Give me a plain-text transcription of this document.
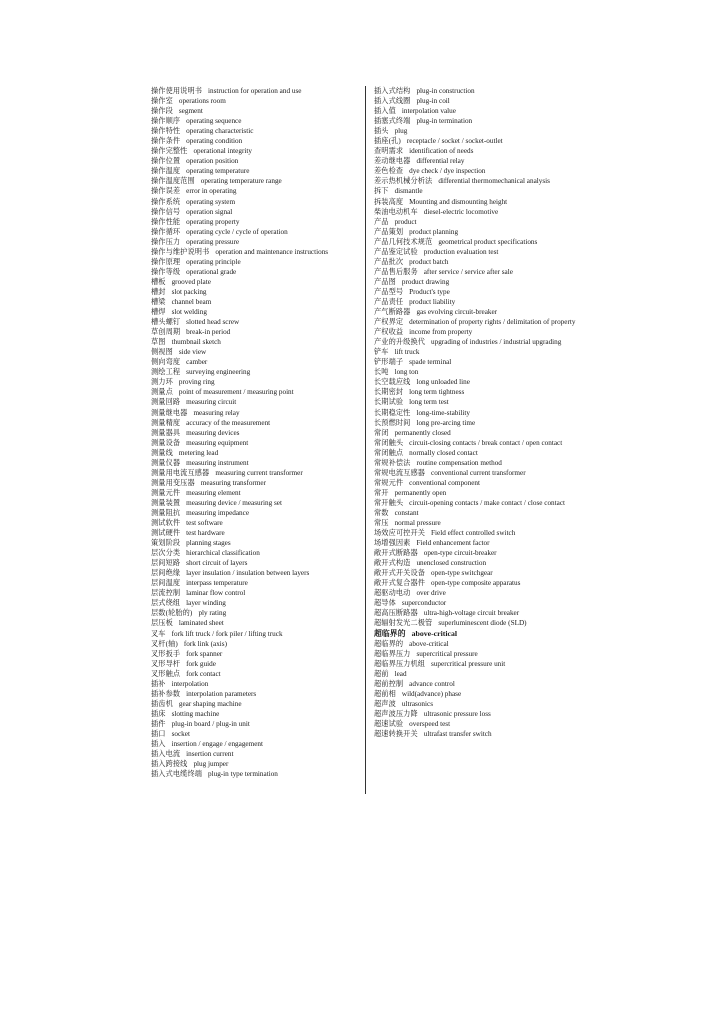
操作使用说明书 instruction for operation and use
操作室 operations room
操作段 segment
操作顺序 operating sequence
操作特性 operating characteristic
操作条件 operating condition
操作完整性 operational integrity
操作位置 operation position
操作温度 operating temperature
操作温度范围 operating temperature range
操作误差 error in operating
操作系统 operating system
操作信号 operation signal
操作性能 operating property
操作循环 operating cycle / cycle of operation
操作压力 operating pressure
操作与维护说明书 operation and maintenance instructions
操作原理 operating principle
操作等级 operational grade
槽板 grooved plate
槽封 slot packing
槽梁 channel beam
槽焊 slot welding
槽头螺钉 slotted head screw
草创周期 break-in period
草图 thumbnail sketch
侧视图 side view
侧向弯度 camber
测绘工程 surveying engineering
测力环 proving ring
测量点 point of measurement / measuring point
测量回路 measuring circuit
测量继电器 measuring relay
测量精度 accuracy of the measurement
测量器具 measuring devices
测量设备 measuring equipment
测量线 metering lead
测量仪器 measuring instrument
测量用电流互感器 measuring current transformer
测量用变压器 measuring transformer
测量元件 measuring element
测量装置 measuring device / measuring set
测量阻抗 measuring impedance
测试软件 test software
测试硬件 test hardware
策划阶段 planning stages
层次分类 hierarchical classification
层间短路 short circuit of layers
层间绝缘 layer insulation / insulation between layers
层间温度 interpass temperature
层流控制 laminar flow control
层式绕组 layer winding
层数(轮胎的) ply rating
层压板 laminated sheet
叉车 fork lift truck / fork piler / lifting truck
叉杆(轴) fork link (axis)
叉形扳手 fork spanner
叉形导杆 fork guide
叉形触点 fork contact
插补 interpolation
插补参数 interpolation parameters
插齿机 gear shaping machine
插床 slotting machine
插件 plug-in board / plug-in unit
插口 socket
插入 insertion / engage / engagement
插入电流 insertion current
插入跨接线 plug jumper
插入式电缆终端 plug-in type termination
插入式结构 plug-in construction
插入式线圈 plug-in coil
插入值 interpolation value
插塞式终端 plug-in termination
插头 plug
插座(孔) receptacle / socket / socket-outlet
查明需求 identification of needs
差动继电器 differential relay
差色检查 dye check / dye inspection
差示热机械分析法 differential thermomechanical analysis
拆下 dismantle
拆装高度 Mounting and dismounting height
柴油电动机车 diesel-electric locomotive
产品 product
产品策划 product planning
产品几何技术规范 geometrical product specifications
产品鉴定试验 production evaluation test
产品批次 product batch
产品售后服务 after service / service after sale
产品图 product drawing
产品型号 Product's type
产品责任 product liability
产气断路器 gas evolving circuit-breaker
产权界定 determination of property rights / delimitation of property
产权收益 income from property
产业的升级换代 upgrading of industries / industrial upgrading
铲车 lift truck
铲形端子 spade terminal
长吨 long ton
长空载应线 long unloaded line
长期密封 long term tightness
长期试验 long term test
长期稳定性 long-time-stability
长预燃时间 long pre-arcing time
常闭 permanently closed
常闭触头 circuit-closing contacts / break contact / open contact
常闭触点 normally closed contact
常规补偿法 routine compensation method
常规电流互感器 conventional current transformer
常规元件 conventional component
常开 permanently open
常开触头 circuit-opening contacts / make contact / close contact
常数 constant
常压 normal pressure
场效应可控开关 Field effect controlled switch
场增强因素 Field enhancement factor
敞开式断路器 open-type circuit-breaker
敞开式构造 unenclosed construction
敞开式开关设备 open-type switchgear
敞开式复合器件 open-type composite apparatus
超驱动电动 over drive
超导体 superconductor
超高压断路器 ultra-high-voltage circuit breaker
超辐射发光二极管 superluminescent diode (SLD)
超临界的 above-critical
超临界的 above-critical
超临界压力 supercritical pressure
超临界压力机组 supercritical pressure unit
超前 lead
超前控制 advance control
超前相 wild(advance) phase
超声波 ultrasonics
超声波压力降 ultrasonic pressure loss
超速试验 overspeed test
超速转换开关 ultrafast transfer switch
